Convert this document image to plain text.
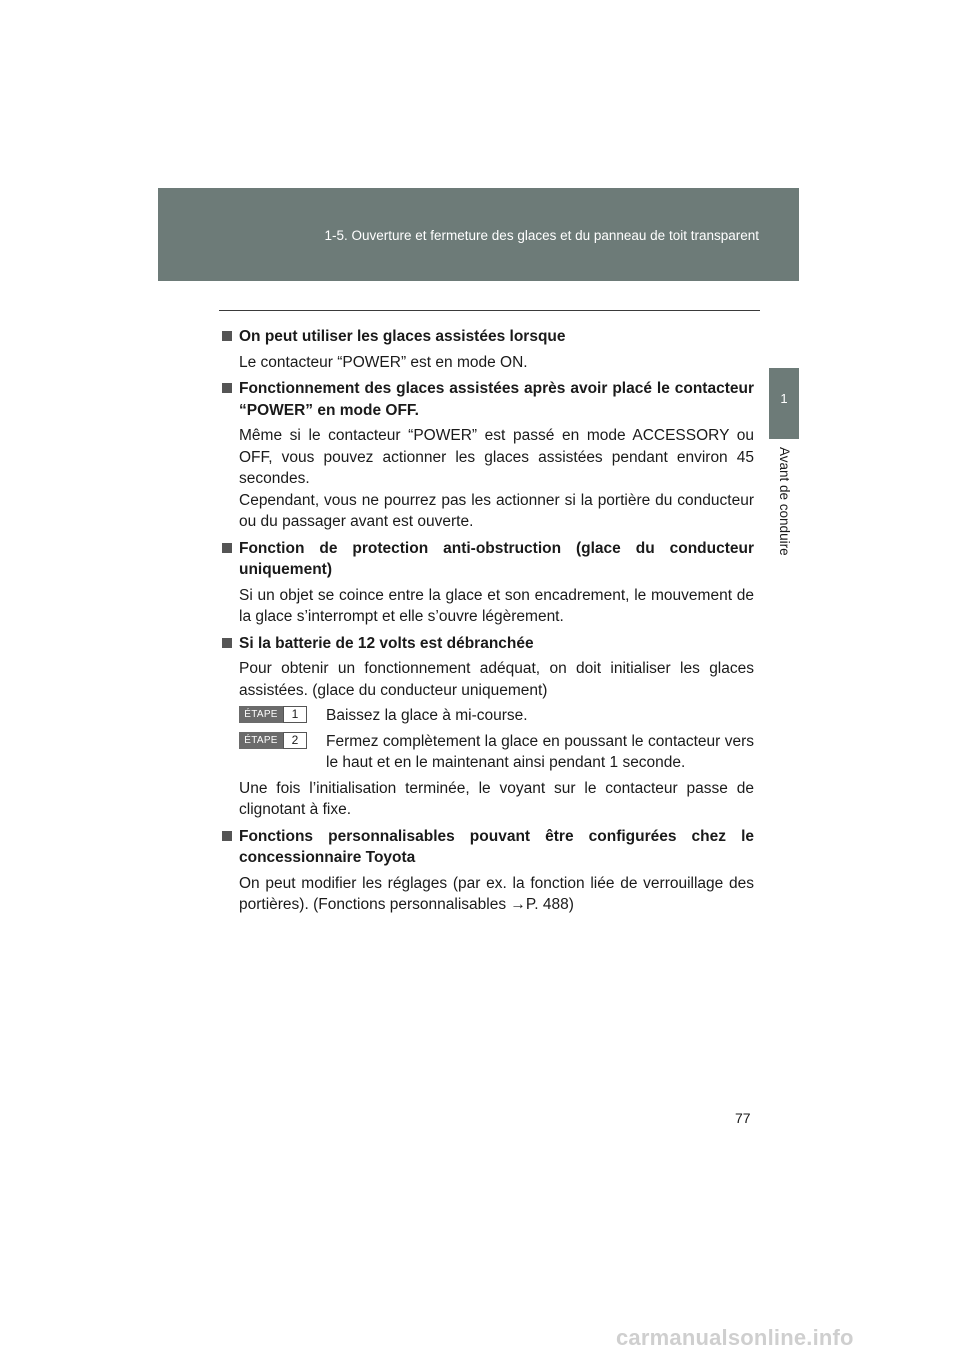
1-5. Ouverture et fermeture des glaces et du panneau de toit transparent
1
Avant de conduire

On peut utiliser les glaces assistées lorsque

Le contacteur “POWER” est en mode ON.

Fonctionnement des glaces assistées après avoir placé le contacteur “POWER” en mode OFF.

Même si le contacteur “POWER” est passé en mode ACCESSORY ou OFF, vous pouvez actionner les glaces assistées pendant environ 45 secondes.

Cependant, vous ne pourrez pas les actionner si la portière du conducteur ou du passager avant est ouverte.

Fonction de protection anti-obstruction (glace du conducteur uniquement)

Si un objet se coince entre la glace et son encadrement, le mouvement de la glace s’interrompt et elle s’ouvre légèrement.

Si la batterie de 12 volts est débranchée

Pour obtenir un fonctionnement adéquat, on doit initialiser les glaces assistées. (glace du conducteur uniquement)

ÉTAPE	1	Baissez la glace à mi-course.
ÉTAPE	2	Fermez complètement la glace en poussant le contacteur vers le haut et en le maintenant ainsi pendant 1 seconde.

Une fois l’initialisation terminée, le voyant sur le contacteur passe de clignotant à fixe.

Fonctions personnalisables pouvant être configurées chez le concessionnaire Toyota

On peut modifier les réglages (par ex. la fonction liée de verrouillage des portières). (Fonctions personnalisables →P. 488)

77
carmanualsonline.info
